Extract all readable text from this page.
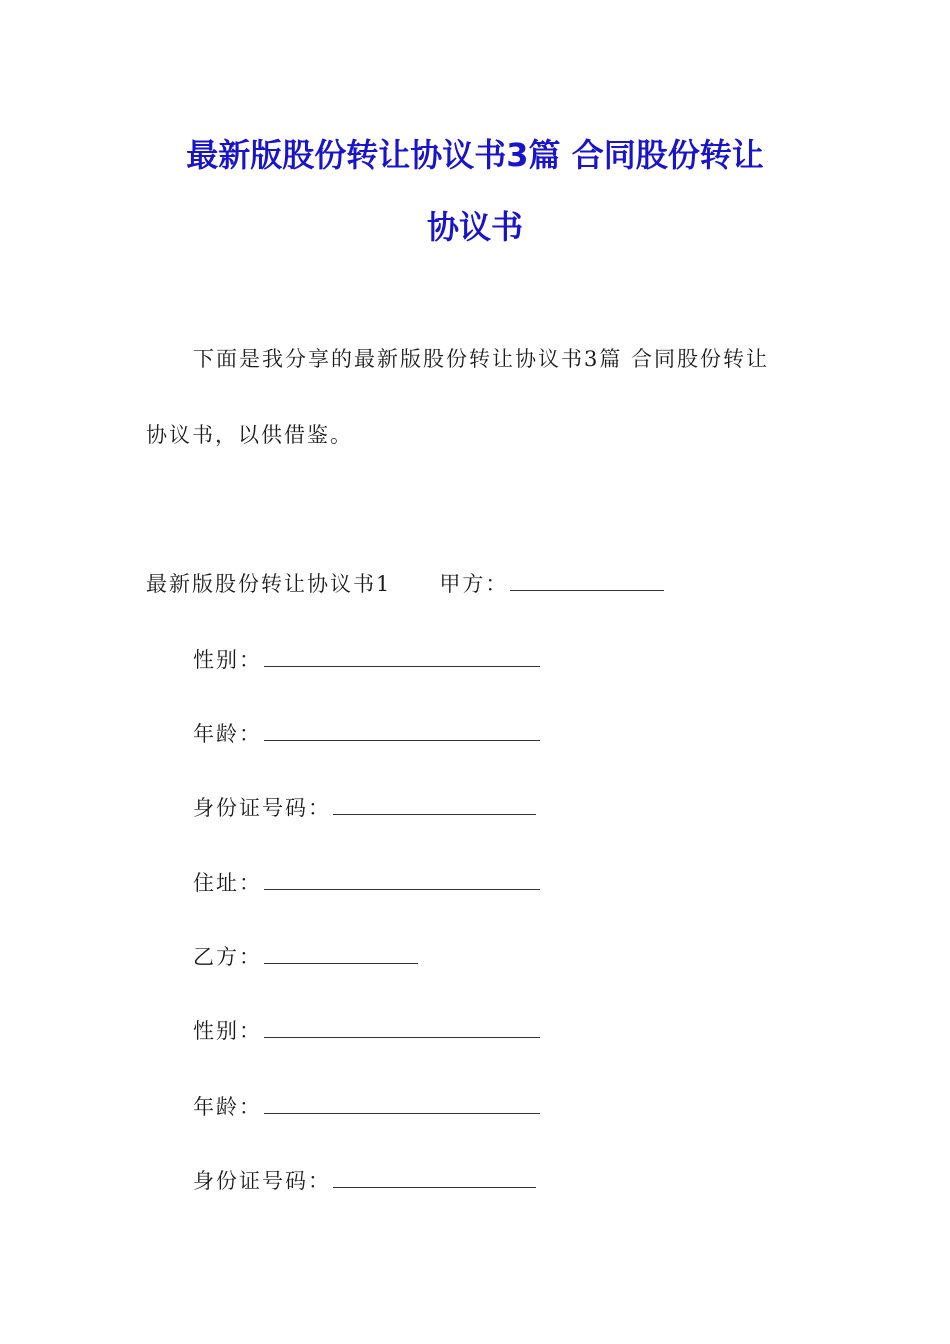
最新版股份转让协议书3篇 合同股份转让
协议书
下面是我分享的最新版股份转让协议书3篇 合同股份转让
协议书，以供借鉴。
最新版股份转让协议书1 甲方：
性别：
年龄：
身份证号码：
住址：
乙方：
性别：
年龄：
身份证号码：
